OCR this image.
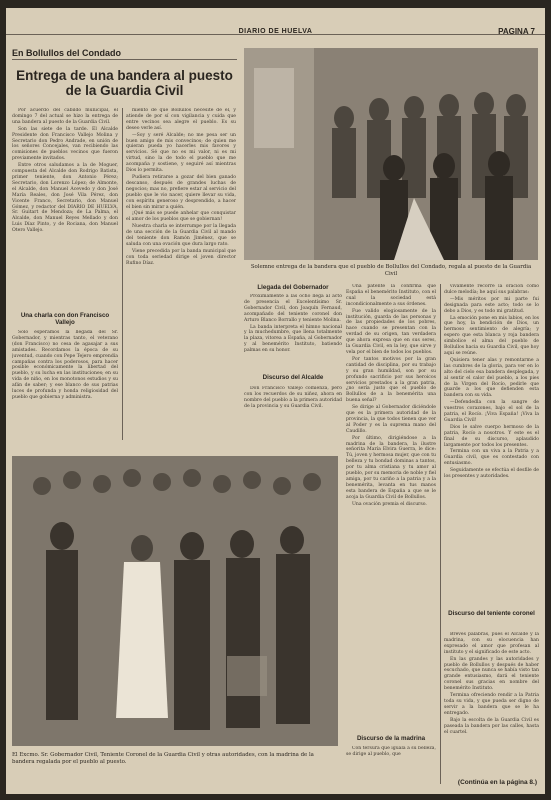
DIARIO DE HUELVA	PAGINA 7
En Bollullos del Condado
Entrega de una bandera al puesto
de la Guardia Civil

Por acuerdo del cabildo municipal, el domingo 7 del actual se hizo la entrega de una bandera al puesto de la Guardia Civil.

Son las siete de la tarde. El Alcalde Presidente don Francisco Vallejo Molina y Secretario don Pedro Andrade, en unión de los señores Concejales, van recibiendo las comisiones de pueblos vecinos que fueron previamente invitados.

Entre otros saludamos a la de Moguer, compuesta del Alcalde don Rodrigo Batista, primer teniente, don Antonio Pérez; Secretario, don Lorenzo López; de Almonte, el Alcalde, don Manuel Acevedo y don José María Reales, don José Vila Pérez, don Vicente Franco, Secretario, don Manuel Gómez, y redactor del DIARIO DE HUELVA, Sr. Guitart de Mendoza; de La Palma, el Alcalde, don Manuel Reyes Mellado y don Luis Díaz Pinto, y de Rociana, don Manuel Otero Vallejo.

Una charla con don Francisco Vallejo

Solo esperamos la llegada del Sr. Gobernador, y mientras tanto, el veterano (don Francisco) no cesa de agasajar a sus amistades. Recordamos la época de su juventud, cuando con Pepe Tejero emprendía campañas contra los poderosos, para hacer posible económicamente la libertad del pueblo, y su lucha en las instituciones; en su vida de niño, en los monotonos estudios y su afán de saber; y ese blanco de sus patrias luces de profunda y honda religiosidad del pueblo que gobierna y administra.

miento de que Bollullos necesite de él, y atiende de por sí con vigilancia y cuida que entre vecinos sea alegre el pueblo. Es su deseo verle así.

—Soy y seré Alcalde; no me pesa ser un buen amigo de mis convecinos; de quien me quieran pueda yo hacerles mis favores y servicios. Sé que no es mi valor, ni es mi virtud, sino la de todo el pueblo que me acompaña y sostiene, y seguiré así mientras Dios lo permita.

Pudiera retirarse a gozar del bien ganado descanso, después de grandes luchas de negocios; mas no, prefiere estar al servicio del pueblo que le vio nacer, quiere llevar su vida, con espíritu generoso y desprendido, a hacer el bien sin mirar a quién.

¡Qué más se puede anhelar que conquistar el amor de los pueblos que se gobiernan!

Nuestra charla se interrumpe por la llegada de una sección de la Guardia Civil al mando del teniente don Ramón Jiménez, que se saluda con una ovación que dura largo rato.

Viene precedida por la banda municipal que con toda seriedad dirige el joven director Rufino Díaz.

Solemne entrega de la bandera que el pueblo de Bollullos del Condado, regala al puesto de la Guardia Civil
Llegada del Gobernador

Próximamente a las ocho llega al acto de presencia el Excelentísimo Sr. Gobernador Civil, don Joaquín Fernaud, acompañado del teniente coronel don Arturo Blanco Borrallo y teniente Molina.

La banda interpreta el himno nacional y la muchedumbre, que llena totalmente la plaza, vitorea a España, al Gobernador y al benemérito Instituto, batiendo palmas en su honor.

Discurso del Alcalde

Don Francisco Vallejo comienza, pero con los recuerdos de su niñez, ahora en nombre del pueblo a la primera autoridad de la provincia y su Guardia Civil.

Una patente la confirma que España el benemérito Instituto, con el cual la sociedad está incondicionalmente a sus órdenes.

Fue valido elogiosamente de la institución, guarda de las personas y de las propiedades de los pobres, hace cuando se presentan con la verdad de su origen, tan verdadera que ahora expresa que en sus seres, la Guardia Civil, en la ley, que sirve y vela por el bien de todos los pueblos.

Por tantos motivos por la gran cantidad de disciplina, por su trabajo y su gran humildad, son por su profundo sacrificio por sus heroicos servicios prestados a la gran patria, ¿no sería justo que el pueblo de Bollullos de a la benemérita una buena señal?

Se dirige al Gobernador diciéndole que es la primera autoridad de la provincia, la que todos tienen que ver al Poder y es la suprema mano del Caudillo.

Por último, dirigiéndose a la madrina de la bandera, la ilustre señorita María Elvira Guerra, le dice: Tú, joven y hermosa mujer, que con tu belleza y tu bondad dominas a tantos, por tu alma cristiana y tu amor al pueblo, por su memoria de noble y fiel amiga, por tu cariño a la patria y a la benemérita, levanta en tus manos esta bandera de España a que se le acoja la Guardia Civil de Bollullos.

Una ovación premia el discurso.

Discurso de la madrina

Con tersura que iguala a su belleza, se dirige al pueblo, que

vivamente recorre la oración como dulce melodía; he aquí sus palabras:

—Mis méritos por mi parte fui designada para este acto; todo se lo debo a Dios, y es todo mi gratitud.

La emoción pone en mis labios, en los que hoy, la bendición de Dios, un hermoso sentimiento de alegría; y espero que esta blanca y roja bandera simbolice el alma del pueblo de Bollullos hacia su Guardia Civil, que hoy aquí se reúne.

Quisiera tener alas y remontarme a las cumbres de la gloria, para ver en lo alto del cielo esa bandera desplegada, y al sentir el calor del pueblo, a los pies de la Virgen del Rocío, pedirle que guarde a los que defienden esta bandera con su vida.

—Defendedla con la sangre de vuestros corazones, bajo el sol de la patria, el Rocío. ¡Viva España! ¡Viva la Guardia Civil!

Dios le salve cuerpo hermoso de la patria, Rocío a nosotros. Y este es el final de su discurso, aplaudido largamente por todos los presentes.

Termina con un viva a la Patria y a Guardia civil, que es contestado con entusiasmo.

Seguidamente se efectúa el desfile de los presentes y autoridades.

Discurso del teniente coronel

Breves palabras, pues el Alcalde y la madrina, con su elocuencia han expresado el amor que profesan al instituto y el significado de este acto.

En las grandes y las autoridades y pueblo de Bollullos y después de haber escuchado, que nunca se había visto tan grande entusiasmo, dará el teniente coronel sus gracias en nombre del benemérito Instituto.

Termina ofreciendo rendir a la Patria toda su vida, y que pueda ser digno de servir a la bandera que se le ha entregado.

Bajo la escolta de la Guardia Civil es paseada la bandera por las calles, hasta el cuartel.

El Excmo. Sr. Gobernador Civil, Teniente Coronel de la Guardia Civil y otras autoridades, con la madrina de la bandera regalada por el pueblo al puesto.
(Continúa en la página 8.)
